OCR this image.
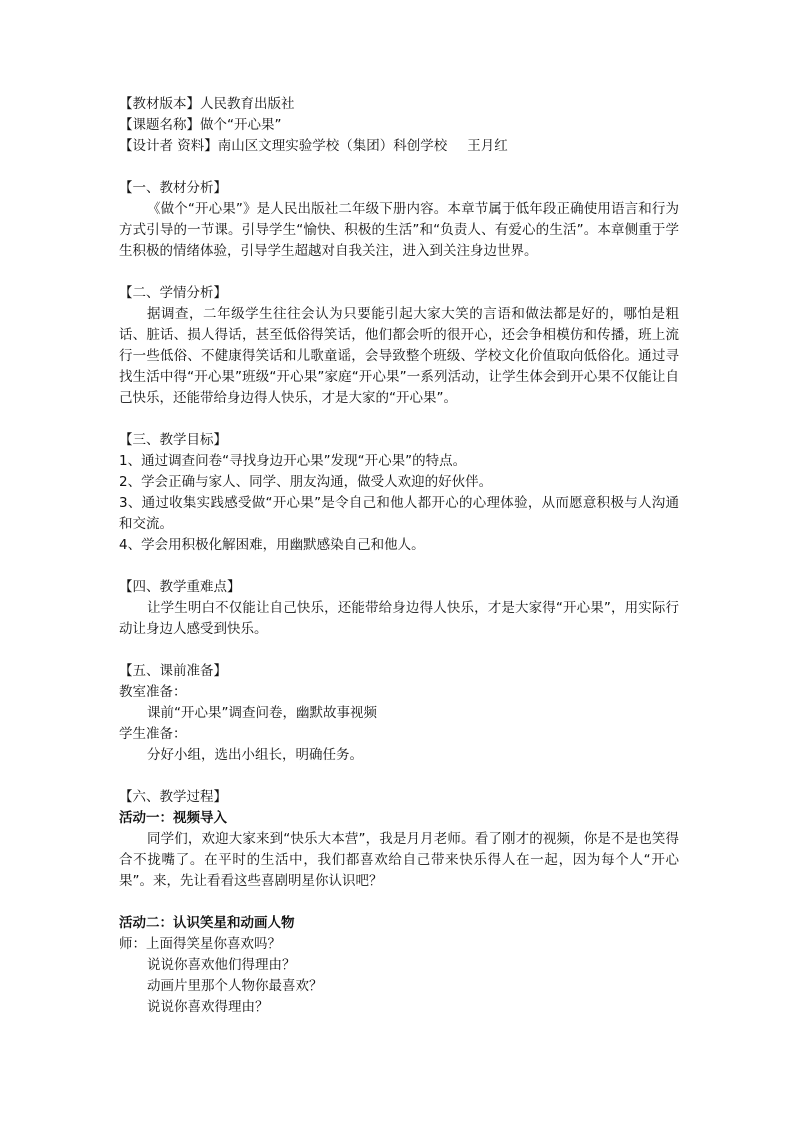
【教材版本】人民教育出版社
【课题名称】做个“开心果”
【设计者 资料】南山区文理实验学校（集团）科创学校 王月红
【一、教材分析】
《做个“开心果”》是人民出版社二年级下册内容。本章节属于低年段正确使用语言和行为方式引导的一节课。引导学生“愉快、积极的生活”和“负责人、有爱心的生活”。本章侧重于学生积极的情绪体验，引导学生超越对自我关注，进入到关注身边世界。
【二、学情分析】
据调查，二年级学生往往会认为只要能引起大家大笑的言语和做法都是好的，哪怕是粗话、脏话、损人得话，甚至低俗得笑话，他们都会听的很开心，还会争相模仿和传播，班上流行一些低俗、不健康得笑话和儿歌童谣，会导致整个班级、学校文化价值取向低俗化。通过寻找生活中得“开心果”班级“开心果”家庭“开心果”一系列活动，让学生体会到开心果不仅能让自己快乐，还能带给身边得人快乐，才是大家的“开心果”。
【三、教学目标】
1、通过调查问卷“寻找身边开心果”发现“开心果”的特点。
2、学会正确与家人、同学、朋友沟通，做受人欢迎的好伙伴。
3、通过收集实践感受做“开心果”是令自己和他人都开心的心理体验，从而愿意积极与人沟通和交流。
4、学会用积极化解困难，用幽默感染自己和他人。
【四、教学重难点】
让学生明白不仅能让自己快乐，还能带给身边得人快乐，才是大家得“开心果”，用实际行动让身边人感受到快乐。
【五、课前准备】
教室准备：
课前“开心果”调查问卷，幽默故事视频
学生准备：
分好小组，选出小组长，明确任务。
【六、教学过程】
活动一：视频导入
同学们，欢迎大家来到“快乐大本营”，我是月月老师。看了刚才的视频，你是不是也笑得合不拢嘴了。在平时的生活中，我们都喜欢给自己带来快乐得人在一起，因为每个人“开心果”。来，先让看看这些喜剧明星你认识吧？
活动二：认识笑星和动画人物
师：上面得笑星你喜欢吗？
说说你喜欢他们得理由？
动画片里那个人物你最喜欢？
说说你喜欢得理由？
